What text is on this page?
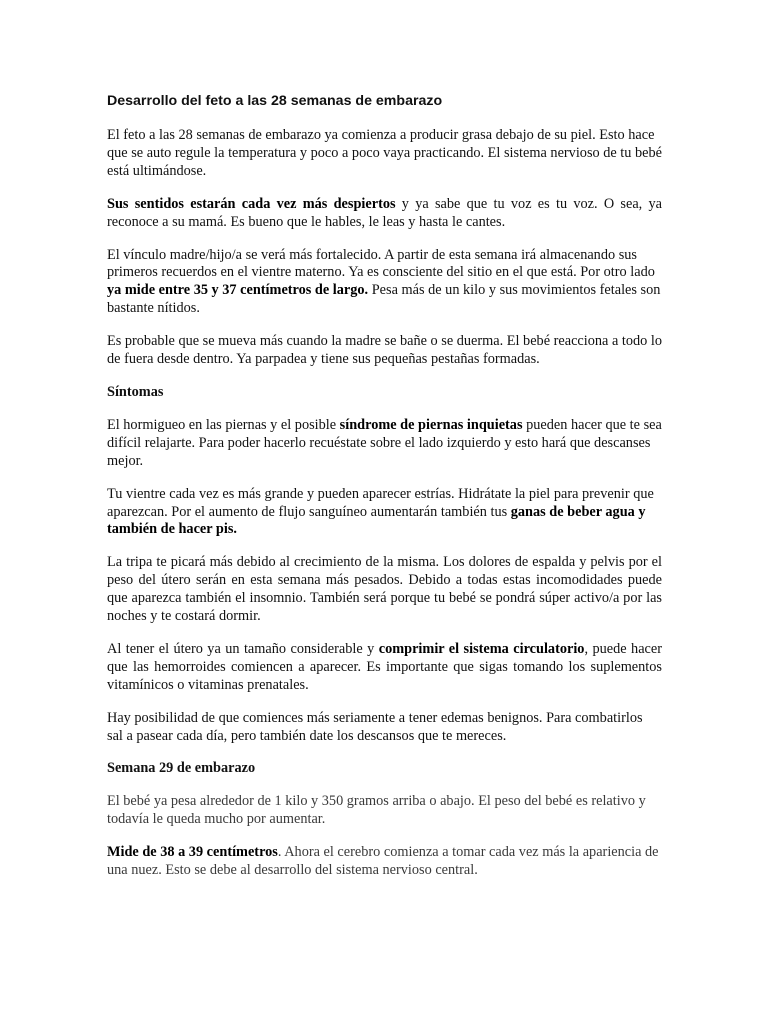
Desarrollo del feto a las 28 semanas de embarazo

El feto a las 28 semanas de embarazo ya comienza a producir grasa debajo de su piel. Esto hace que se auto regule la temperatura y poco a poco vaya practicando. El sistema nervioso de tu bebé está ultimándose.

Sus sentidos estarán cada vez más despiertos y ya sabe que tu voz es tu voz. O sea, ya reconoce a su mamá. Es bueno que le hables, le leas y hasta le cantes.

El vínculo madre/hijo/a se verá más fortalecido. A partir de esta semana irá almacenando sus primeros recuerdos en el vientre materno. Ya es consciente del sitio en el que está. Por otro lado ya mide entre 35 y 37 centímetros de largo. Pesa más de un kilo y sus movimientos fetales son bastante nítidos.

Es probable que se mueva más cuando la madre se bañe o se duerma. El bebé reacciona a todo lo de fuera desde dentro. Ya parpadea y tiene sus pequeñas pestañas formadas.

Síntomas

El hormigueo en las piernas y el posible síndrome de piernas inquietas pueden hacer que te sea difícil relajarte. Para poder hacerlo recuéstate sobre el lado izquierdo y esto hará que descanses mejor.

Tu vientre cada vez es más grande y pueden aparecer estrías. Hidrátate la piel para prevenir que aparezcan. Por el aumento de flujo sanguíneo aumentarán también tus ganas de beber agua y también de hacer pis.

La tripa te picará más debido al crecimiento de la misma. Los dolores de espalda y pelvis por el peso del útero serán en esta semana más pesados. Debido a todas estas incomodidades puede que aparezca también el insomnio. También será porque tu bebé se pondrá súper activo/a por las noches y te costará dormir.

Al tener el útero ya un tamaño considerable y comprimir el sistema circulatorio, puede hacer que las hemorroides comiencen a aparecer. Es importante que sigas tomando los suplementos vitamínicos o vitaminas prenatales.

Hay posibilidad de que comiences más seriamente a tener edemas benignos. Para combatirlos sal a pasear cada día, pero también date los descansos que te mereces.

Semana 29 de embarazo

El bebé ya pesa alrededor de 1 kilo y 350 gramos arriba o abajo. El peso del bebé es relativo y todavía le queda mucho por aumentar.

Mide de 38 a 39 centímetros. Ahora el cerebro comienza a tomar cada vez más la apariencia de una nuez. Esto se debe al desarrollo del sistema nervioso central.
